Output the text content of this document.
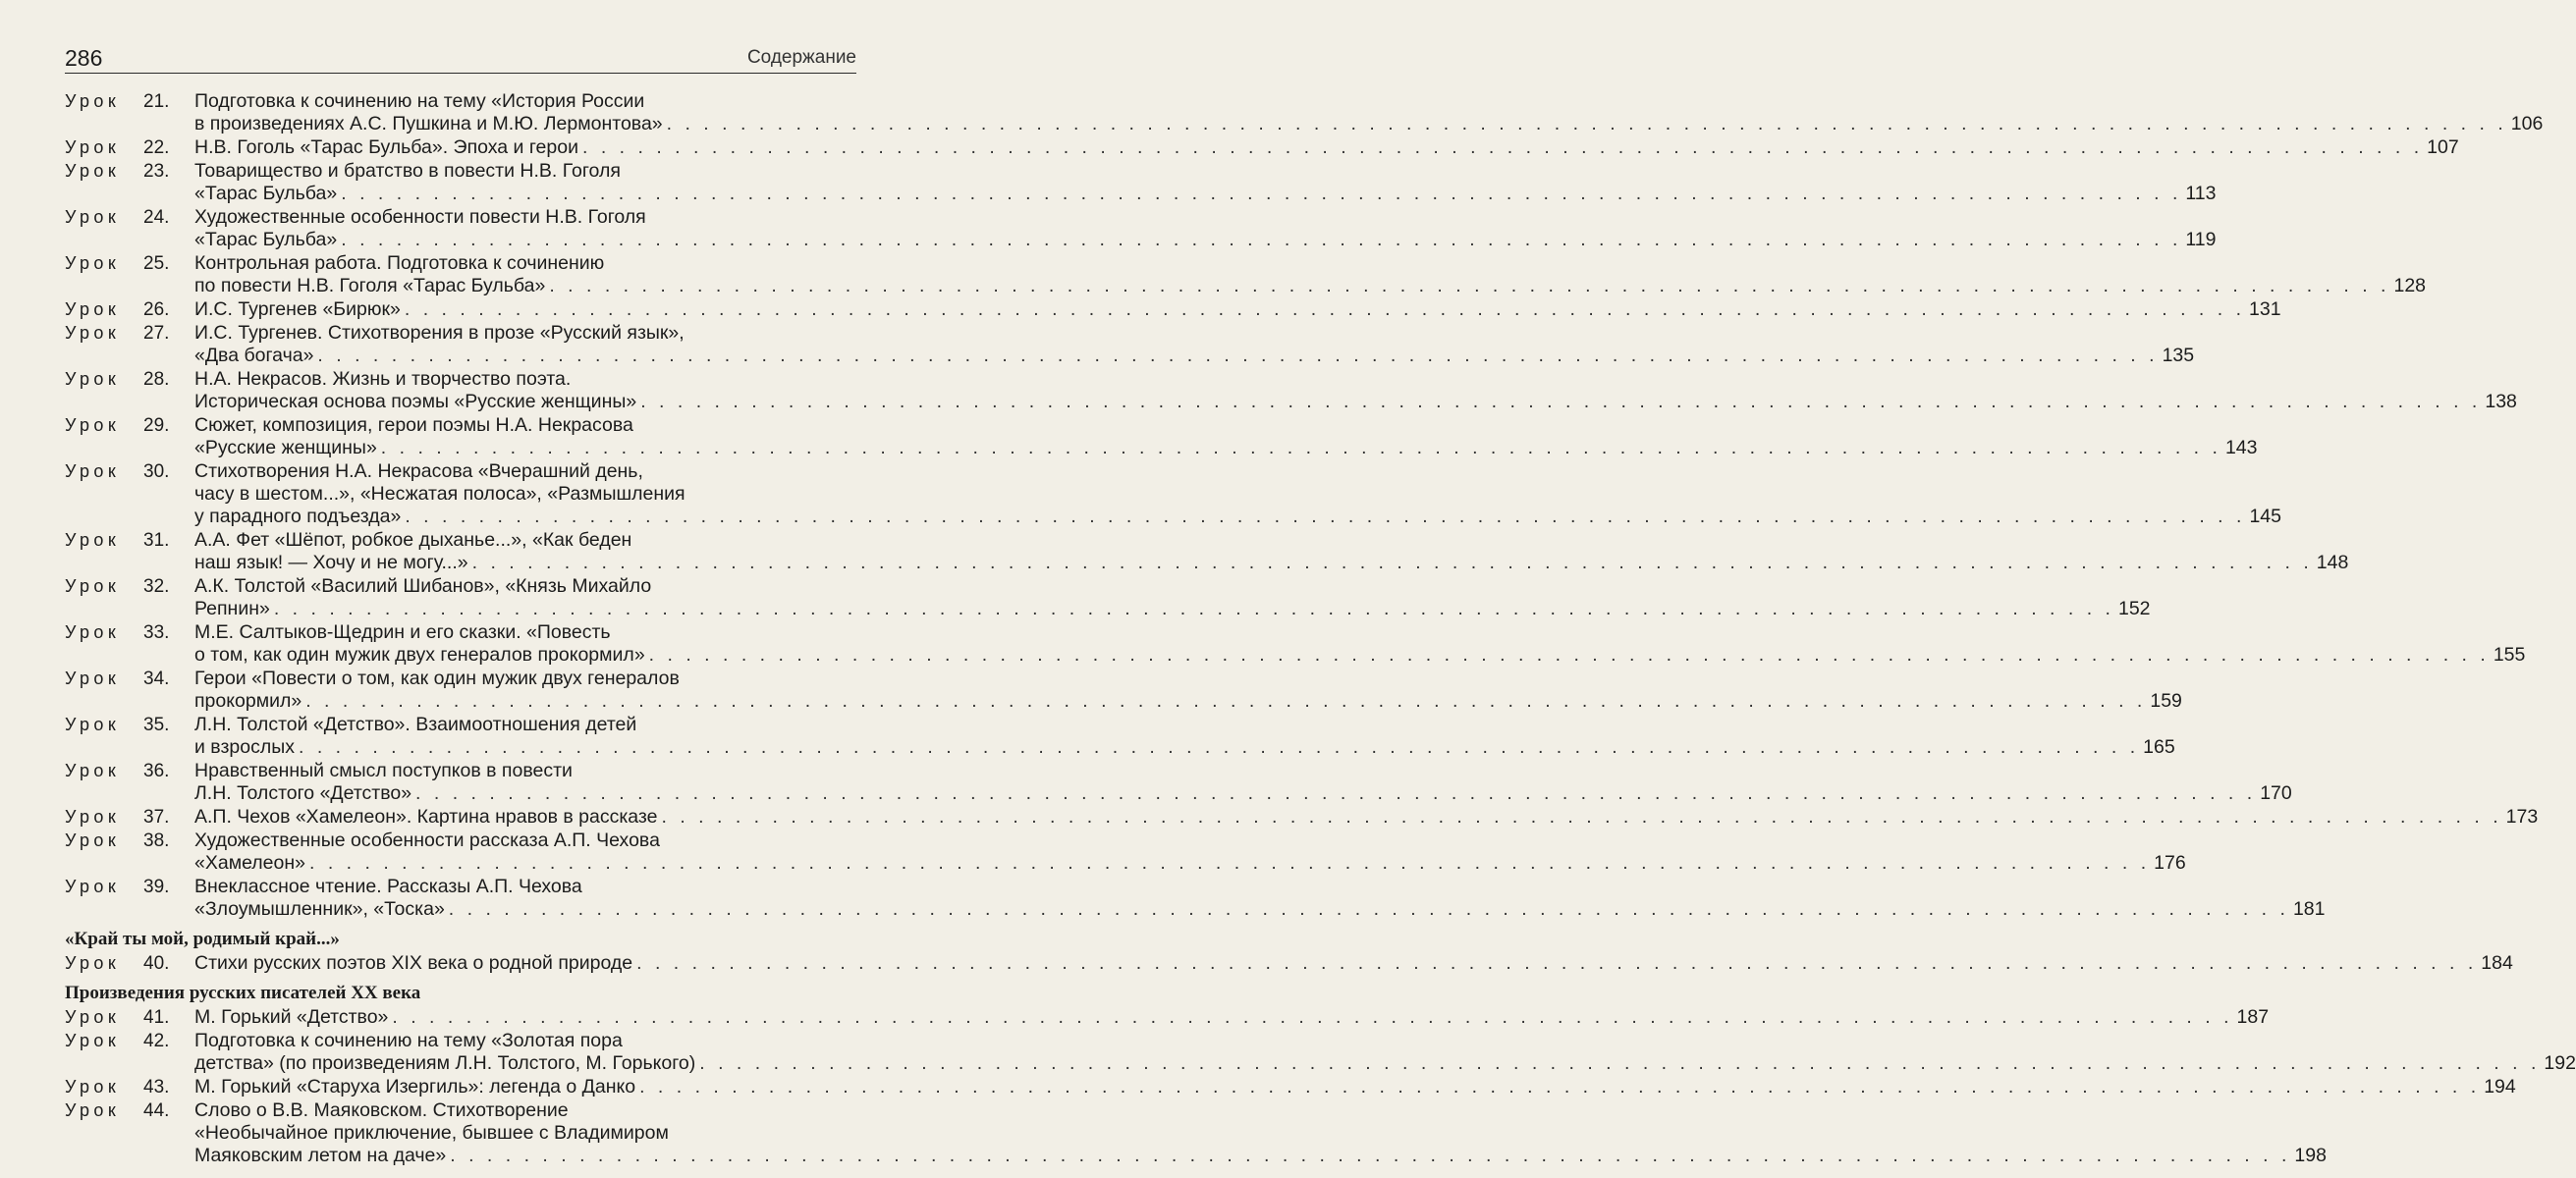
286	Содержание
Урок	21.	Подготовка к сочинению на тему «История России
в произведениях А.С. Пушкина и М.Ю. Лермонтова» . . .	106
Урок	22.	Н.В. Гоголь «Тарас Бульба». Эпоха и герои . . .	107
Урок	23.	Товарищество и братство в повести Н.В. Гоголя
«Тарас Бульба» . . .	113
Урок	24.	Художественные особенности повести Н.В. Гоголя
«Тарас Бульба» . . .	119
Урок	25.	Контрольная работа. Подготовка к сочинению
по повести Н.В. Гоголя «Тарас Бульба» . . .	128
Урок	26.	И.С. Тургенев «Бирюк» . . .	131
Урок	27.	И.С. Тургенев. Стихотворения в прозе «Русский язык»,
«Два богача» . . .	135
Урок	28.	Н.А. Некрасов. Жизнь и творчество поэта.
Историческая основа поэмы «Русские женщины» . . .	138
Урок	29.	Сюжет, композиция, герои поэмы Н.А. Некрасова
«Русские женщины» . . .	143
Урок	30.	Стихотворения Н.А. Некрасова «Вчерашний день,
часу в шестом...», «Несжатая полоса», «Размышления
у парадного подъезда» . . .	145
Урок	31.	А.А. Фет «Шёпот, робкое дыханье...», «Как беден
наш язык! — Хочу и не могу...» . . .	148
Урок	32.	А.К. Толстой «Василий Шибанов», «Князь Михайло
Репнин» . . .	152
Урок	33.	М.Е. Салтыков-Щедрин и его сказки. «Повесть
о том, как один мужик двух генералов прокормил» . . .	155
Урок	34.	Герои «Повести о том, как один мужик двух генералов
прокормил» . . .	159
Урок	35.	Л.Н. Толстой «Детство». Взаимоотношения детей
и взрослых . . .	165
Урок	36.	Нравственный смысл поступков в повести
Л.Н. Толстого «Детство» . . .	170
Урок	37.	А.П. Чехов «Хамелеон». Картина нравов в рассказе . . .	173
Урок	38.	Художественные особенности рассказа А.П. Чехова
«Хамелеон» . . .	176
Урок	39.	Внеклассное чтение. Рассказы А.П. Чехова
«Злоумышленник», «Тоска» . . .	181
«Край ты мой, родимый край...»
Урок	40.	Стихи русских поэтов XIX века о родной природе . . .	184
Произведения русских писателей XX века
Урок	41.	М. Горький «Детство» . . .	187
Урок	42.	Подготовка к сочинению на тему «Золотая пора
детства» (по произведениям Л.Н. Толстого, М. Горького) . . .	192
Урок	43.	М. Горький «Старуха Изергиль»: легенда о Данко . . .	194
Урок	44.	Слово о В.В. Маяковском. Стихотворение
«Необычайное приключение, бывшее с Владимиром
Маяковским летом на даче» . . .	198
